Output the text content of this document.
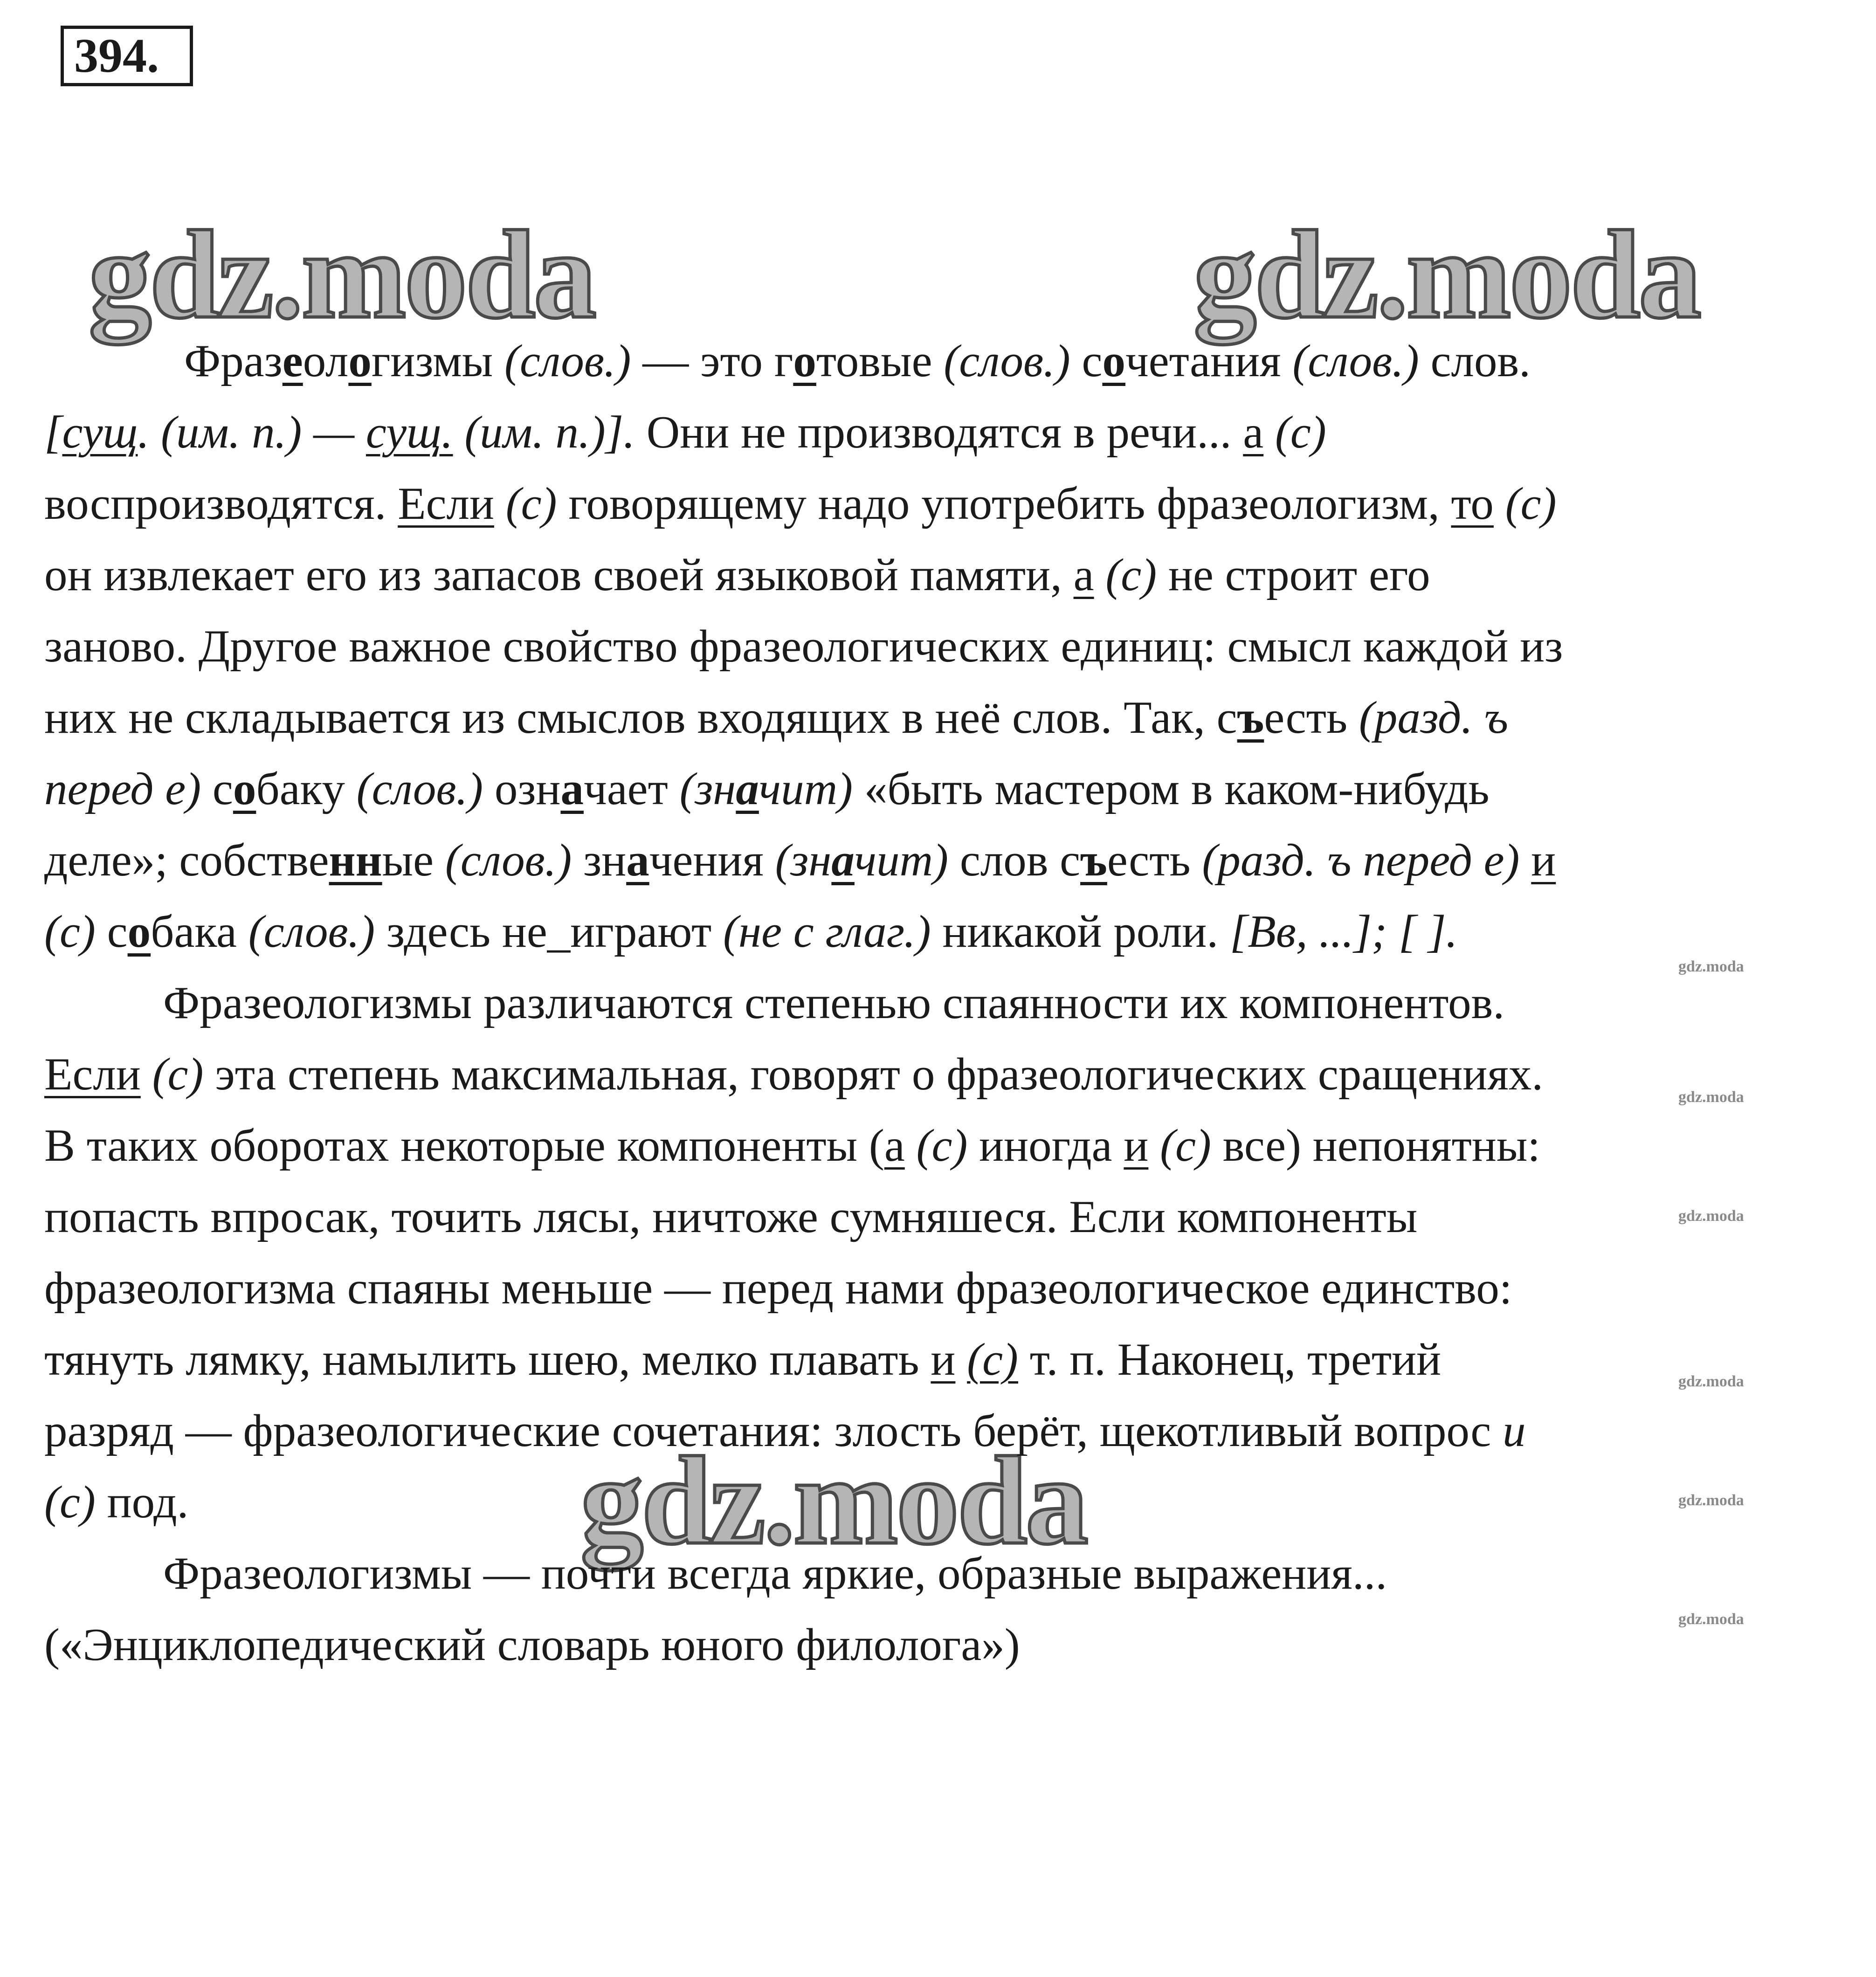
394.
gdz.moda	gdz.moda
gdz.moda
gdz.moda
gdz.moda
gdz.moda
gdz.moda
gdz.moda
gdz.moda
Фразеологизмы (слов.) — это готовые (слов.) сочетания (слов.) слов.
[сущ. (им. п.) — сущ. (им. п.)]. Они не производятся в речи... а (с)
воспроизводятся. Если (с) говорящему надо употребить фразеологизм, то (с)
он извлекает его из запасов своей языковой памяти, а (с) не строит его
заново. Другое важное свойство фразеологических единиц: смысл каждой из
них не складывается из смыслов входящих в неё слов. Так, съесть (разд. ъ
перед е) собаку (слов.) означает (значит) «быть мастером в каком-нибудь
деле»; собственные (слов.) значения (значит) слов съесть (разд. ъ перед е) и
(с) собака (слов.) здесь не_играют (не с глаг.) никакой роли. [Вв, ...]; [ ].
Фразеологизмы различаются степенью спаянности их компонентов.
Если (с) эта степень максимальная, говорят о фразеологических сращениях.
В таких оборотах некоторые компоненты (а (с) иногда и (с) все) непонятны:
попасть впросак, точить лясы, ничтоже сумняшеся. Если компоненты
фразеологизма спаяны меньше — перед нами фразеологическое единство:
тянуть лямку, намылить шею, мелко плавать и (с) т. п. Наконец, третий
разряд — фразеологические сочетания: злость берёт, щекотливый вопрос и
(с) под.
Фразеологизмы — почти всегда яркие, образные выражения...
(«Энциклопедический словарь юного филолога»)
